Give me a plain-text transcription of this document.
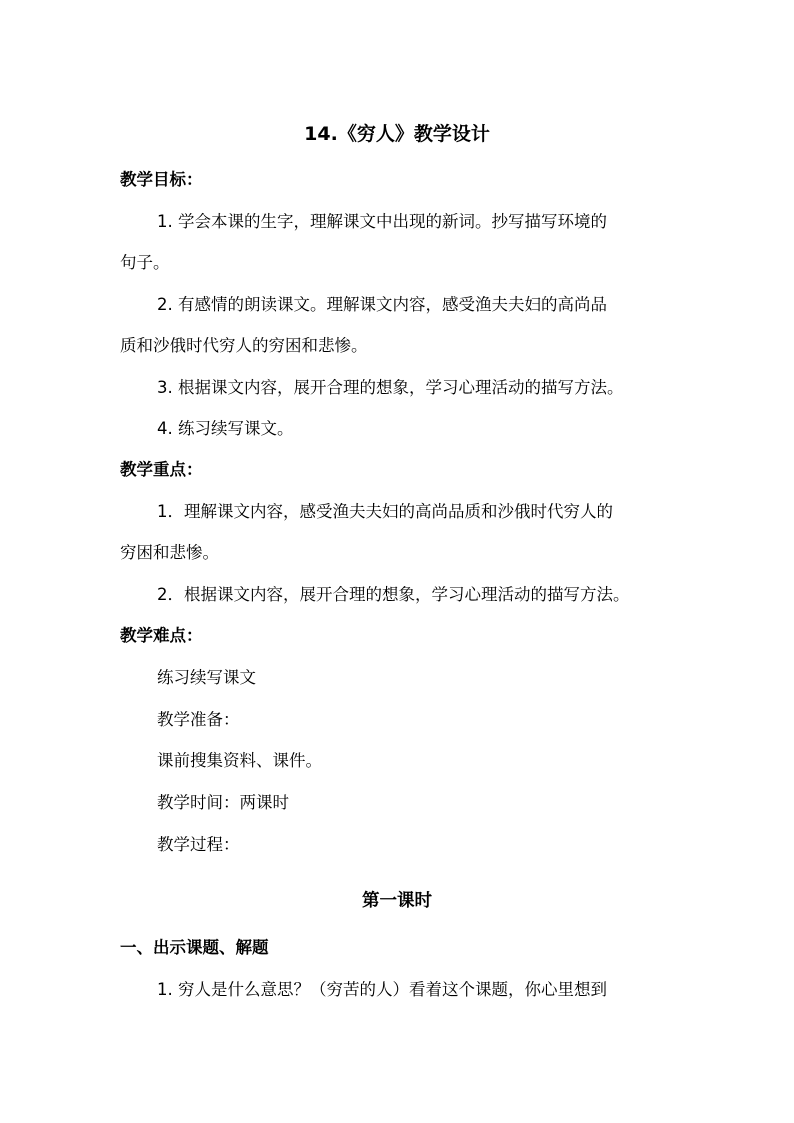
14.《穷人》教学设计
教学目标：
1. 学会本课的生字，理解课文中出现的新词。抄写描写环境的
句子。
2. 有感情的朗读课文。理解课文内容，感受渔夫夫妇的高尚品
质和沙俄时代穷人的穷困和悲惨。
3. 根据课文内容，展开合理的想象，学习心理活动的描写方法。
4. 练习续写课文。
教学重点：
1．理解课文内容，感受渔夫夫妇的高尚品质和沙俄时代穷人的
穷困和悲惨。
2．根据课文内容，展开合理的想象，学习心理活动的描写方法。
教学难点：
练习续写课文
教学准备：
课前搜集资料、课件。
教学时间：两课时
教学过程：
第一课时
一、出示课题、解题
1. 穷人是什么意思？（穷苦的人）看着这个课题，你心里想到
